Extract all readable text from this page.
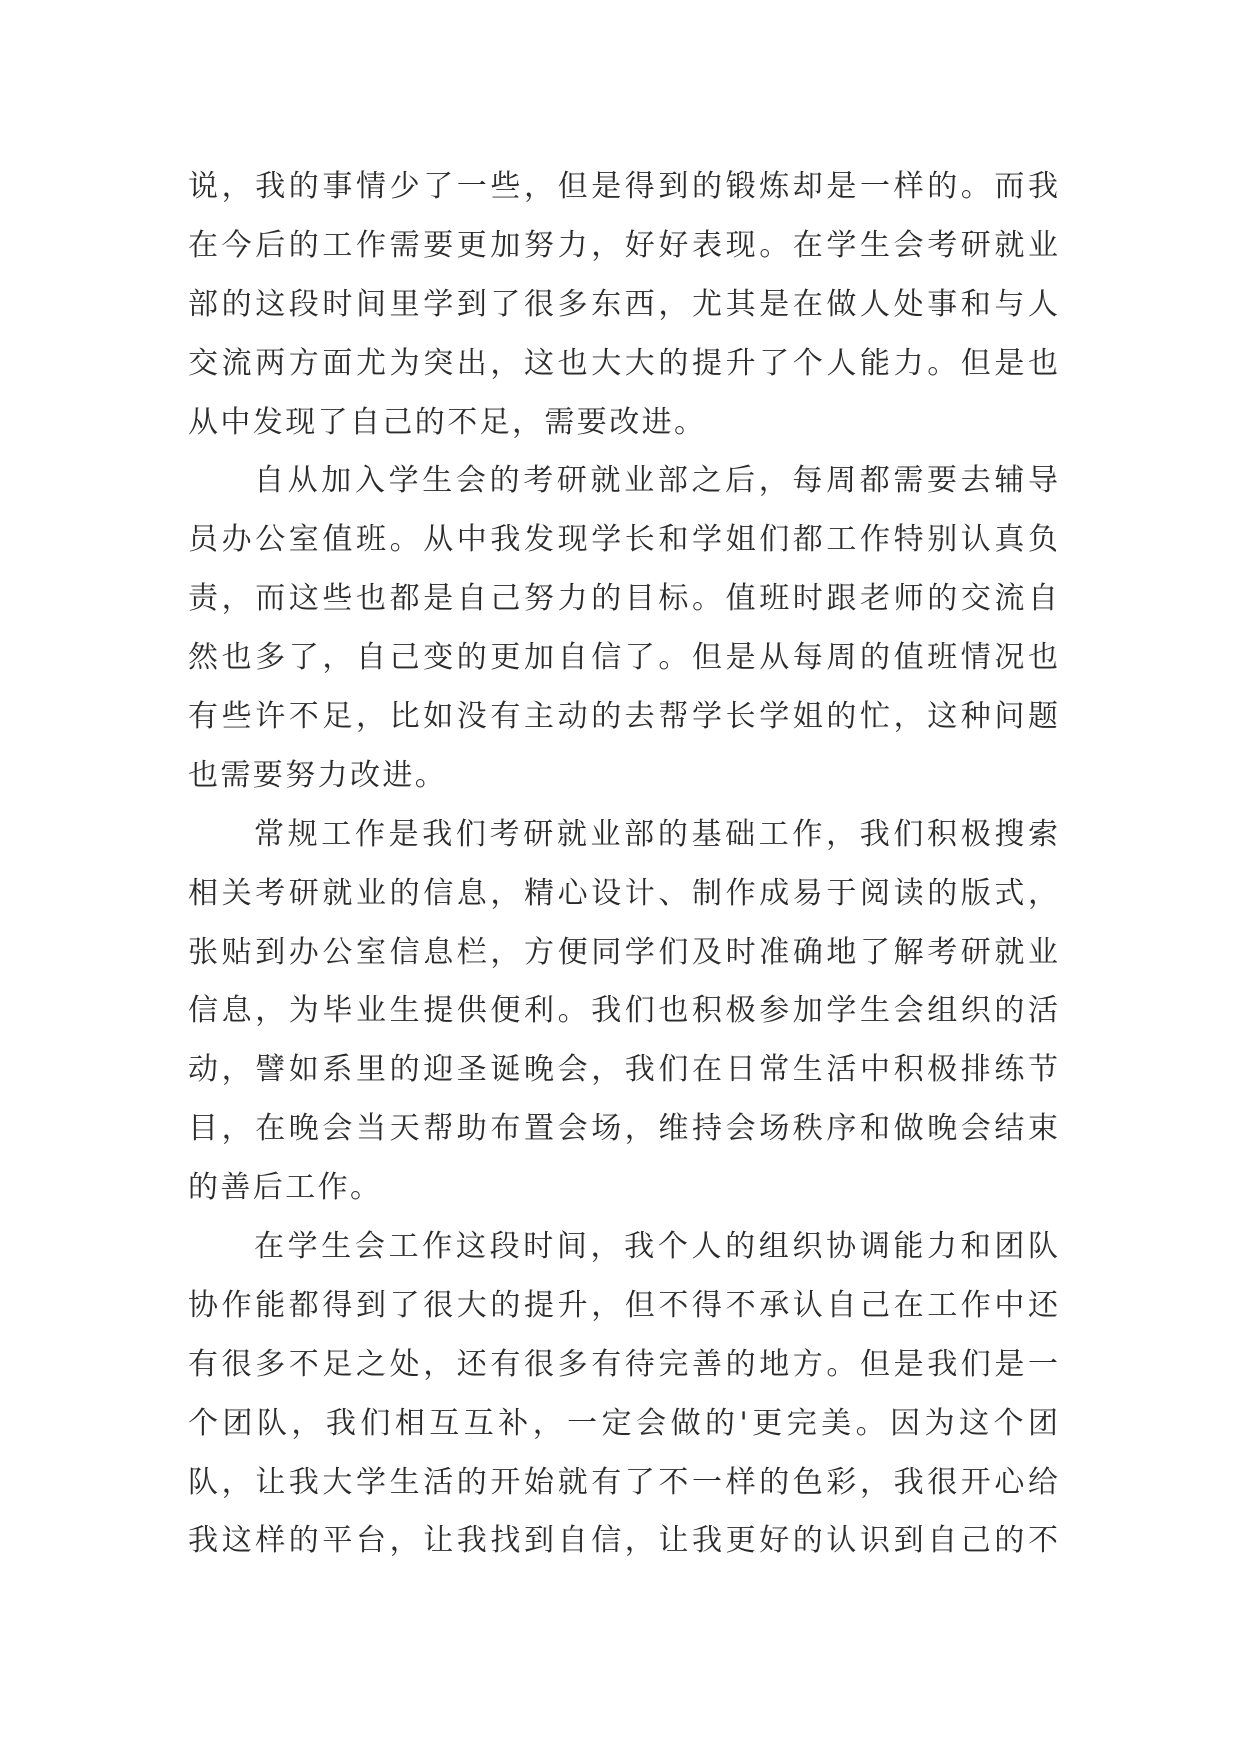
说，我的事情少了一些，但是得到的锻炼却是一样的。而我
在今后的工作需要更加努力，好好表现。在学生会考研就业
部的这段时间里学到了很多东西，尤其是在做人处事和与人
交流两方面尤为突出，这也大大的提升了个人能力。但是也
从中发现了自己的不足，需要改进。
自从加入学生会的考研就业部之后，每周都需要去辅导
员办公室值班。从中我发现学长和学姐们都工作特别认真负
责，而这些也都是自己努力的目标。值班时跟老师的交流自
然也多了，自己变的更加自信了。但是从每周的值班情况也
有些许不足，比如没有主动的去帮学长学姐的忙，这种问题
也需要努力改进。
常规工作是我们考研就业部的基础工作，我们积极搜索
相关考研就业的信息，精心设计、制作成易于阅读的版式，
张贴到办公室信息栏，方便同学们及时准确地了解考研就业
信息，为毕业生提供便利。我们也积极参加学生会组织的活
动，譬如系里的迎圣诞晚会，我们在日常生活中积极排练节
目，在晚会当天帮助布置会场，维持会场秩序和做晚会结束
的善后工作。
在学生会工作这段时间，我个人的组织协调能力和团队
协作能都得到了很大的提升，但不得不承认自己在工作中还
有很多不足之处，还有很多有待完善的地方。但是我们是一
个团队，我们相互互补，一定会做的'更完美。因为这个团
队，让我大学生活的开始就有了不一样的色彩，我很开心给
我这样的平台，让我找到自信，让我更好的认识到自己的不
